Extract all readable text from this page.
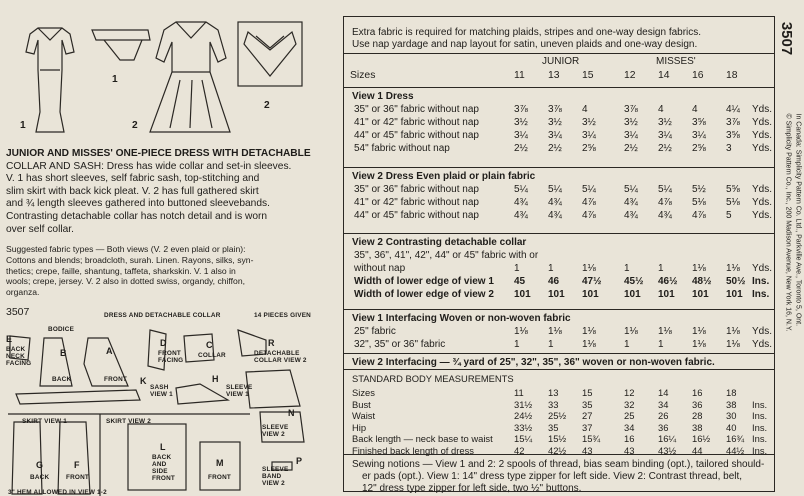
1
1
2
2
JUNIOR AND MISSES' ONE-PIECE DRESS WITH DETACHABLE
COLLAR AND SASH: Dress has wide collar and set-in sleeves.
V. 1 has short sleeves, self fabric sash, top-stitching and
slim skirt with back kick pleat. V. 2 has full gathered skirt
and ¾ length sleeves gathered into buttoned sleevebands.
Contrasting detachable collar has notch detail and is worn
over self collar.
Suggested fabric types — Both views (V. 2 even plaid or plain):
Cottons and blends; broadcloth, surah. Linen. Rayons, silks, syn-
thetics; crepe, faille, shantung, taffeta, sharkskin. V. 1 also in
wools; crepe, jersey. V. 2 also in dotted swiss, organdy, chiffon,
organza.
3507	DRESS AND DETACHABLE COLLAR	14 PIECES GIVEN
BODICE
E
BACK NECK FACING
B
BACK
A
FRONT
D
FRONT FACING
C
COLLAR
R
DETACHABLE COLLAR VIEW 2
K
SASH VIEW 1
H
SLEEVE VIEW 1
N
SLEEVE VIEW 2
P
SLEEVE BAND VIEW 2
SKIRT VIEW 1	SKIRT VIEW 2
G
BACK
F
FRONT
L
BACK AND SIDE FRONT
M
FRONT
3" HEM ALLOWED IN VIEW 1-2
Extra fabric is required for matching plaids, stripes and one-way design fabrics.
Use nap yardage and nap layout for satin, uneven plaids and one-way design.
JUNIOR	MISSES'
Sizes	11 13 15	12 14 16 18
View 1 Dress
35" or 36" fabric without nap	3⅞ 3⅞ 4	3⅞ 4	4	4¼ Yds.
41" or 42" fabric without nap	3½ 3½ 3½	3½ 3½ 3⅝ 3⅞ Yds.
44" or 45" fabric without nap	3¼ 3¼ 3¼	3¼ 3¼ 3¼ 3⅝ Yds.
54" fabric without nap	2½ 2½ 2⅝	2½ 2½ 2⅝ 3 Yds.
View 2 Dress Even plaid or plain fabric
35" or 36" fabric without nap	5¼ 5¼ 5¼	5¼ 5¼ 5½ 5⅝ Yds.
41" or 42" fabric without nap	4¾ 4¾ 4⅞	4¾ 4⅞ 5⅛ 5⅛ Yds.
44" or 45" fabric without nap	4¾ 4¾ 4⅞	4¾ 4¾ 4⅞ 5 Yds.
View 2 Contrasting detachable collar
35", 36", 41", 42", 44" or 45" fabric with or
without nap	1	1	1⅛	1	1	1⅛ 1⅛ Yds.
Width of lower edge of view 1 45 46 47½ 45½ 46½ 48½ 50½ Ins.
Width of lower edge of view 2 101 101 101	101 101 101 101 Ins.
View 1 Interfacing Woven or non-woven fabric
25" fabric	1⅛ 1⅛ 1⅛	1⅛ 1⅛ 1⅛ 1⅛ Yds.
32", 35" or 36" fabric	1	1	1⅛	1	1	1⅛ 1⅛ Yds.
View 2 Interfacing — ¾ yard of 25", 32", 35", 36" woven or non-woven fabric.
STANDARD BODY MEASUREMENTS
Sizes	11	13	15	12	14	16	18
Bust	31½ 33	35	32	34	36	38 Ins.
Waist	24½ 25½ 27	25	26	28	30 Ins.
Hip	33½ 35	37	34	36	38	40 Ins.
Back length — neck base to waist 15¼ 15½ 15¾	16	16¼ 16½ 16¾ Ins.
Finished back length of dress	42	42½ 43	43	43½ 44	44½ Ins.
Sewing notions — View 1 and 2: 2 spools of thread, bias seam binding (opt.), tailored should-
er pads (opt.). View 1: 14" dress type zipper for left side. View 2: Contrast thread, belt,
12" dress type zipper for left side, two ½" buttons.
3507
© Simplicity Pattern Co., Inc., 200 Madison Avenue, New York 16, N.Y. In Canada: Simplicity Pattern Co. Ltd., Parkville Ave., Toronto 5, Ont.
